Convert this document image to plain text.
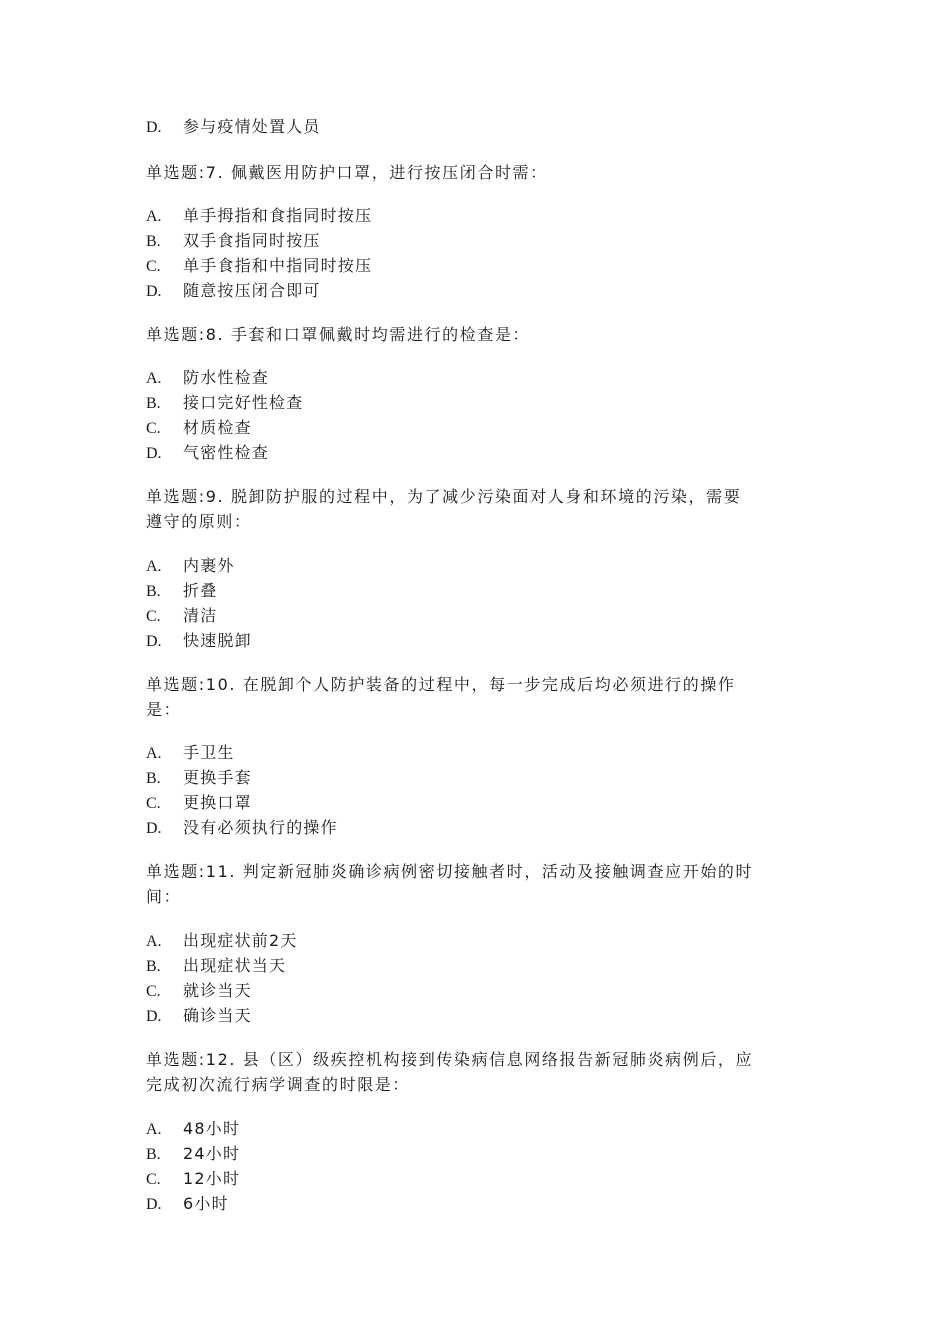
D. 参与疫情处置人员
单选题:7. 佩戴医用防护口罩，进行按压闭合时需：
A. 单手拇指和食指同时按压
B. 双手食指同时按压
C. 单手食指和中指同时按压
D. 随意按压闭合即可
单选题:8. 手套和口罩佩戴时均需进行的检查是：
A. 防水性检查
B. 接口完好性检查
C. 材质检查
D. 气密性检查
单选题:9. 脱卸防护服的过程中，为了减少污染面对人身和环境的污染，需要
遵守的原则：
A. 内裹外
B. 折叠
C. 清洁
D. 快速脱卸
单选题:10. 在脱卸个人防护装备的过程中，每一步完成后均必须进行的操作
是：
A. 手卫生
B. 更换手套
C. 更换口罩
D. 没有必须执行的操作
单选题:11. 判定新冠肺炎确诊病例密切接触者时，活动及接触调查应开始的时
间：
A. 出现症状前2天
B. 出现症状当天
C. 就诊当天
D. 确诊当天
单选题:12. 县（区）级疾控机构接到传染病信息网络报告新冠肺炎病例后，应
完成初次流行病学调查的时限是：
A. 48小时
B. 24小时
C. 12小时
D. 6小时
